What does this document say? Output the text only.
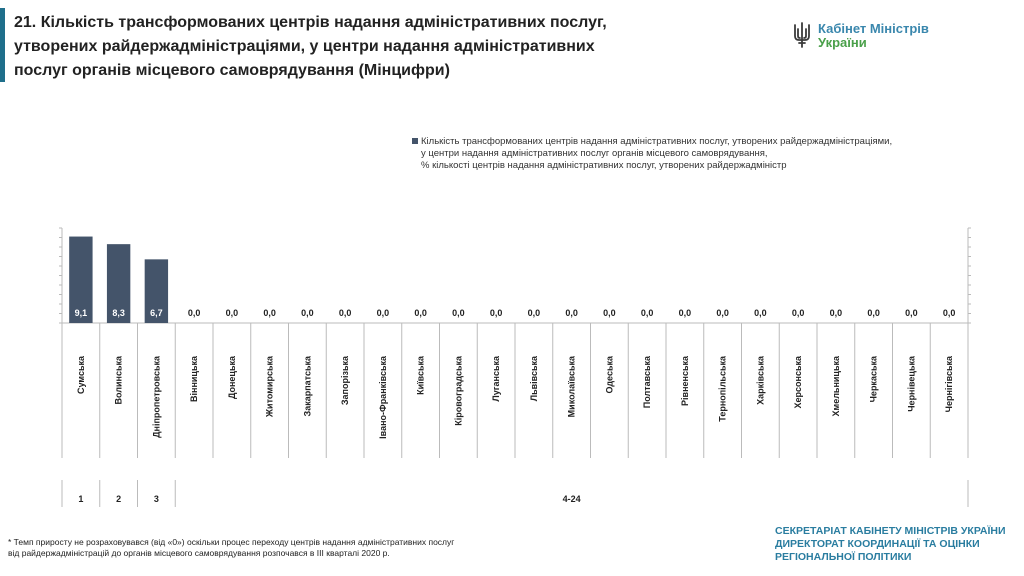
21. Кількість трансформованих центрів надання адміністративних послуг,
утворених райдержадміністраціями, у центри надання адміністративних
послуг органів місцевого самоврядування (Мінцифри)
Кабінет Міністрів
України
Кількість трансформованих центрів надання адміністративних послуг, утворених райдержадміністраціями,
у центри надання адміністративних послуг органів місцевого самоврядування,
% кількості центрів надання адміністративних послуг, утворених райдержадміністр
9,1
Сумська
8,3
Волинська
6,7
Дніпропетровська
0,0
Вінницька
0,0
Донецька
0,0
Житомирська
0,0
Закарпатська
0,0
Запорізька
0,0
Івано-Франківська
0,0
Київська
0,0
Кіровоградська
0,0
Луганська
0,0
Львівська
0,0
Миколаївська
0,0
Одеська
0,0
Полтавська
0,0
Рівненська
0,0
Тернопільська
0,0
Харківська
0,0
Херсонська
0,0
Хмельницька
0,0
Черкаська
0,0
Чернівецька
0,0
Чернігівська
1	2	3	4-24
* Темп приросту не розраховувався (від «0») оскільки процес переходу центрів надання адміністративних послуг
від райдержадміністрацій до органів місцевого самоврядування розпочався в ІІІ кварталі 2020 р.
СЕКРЕТАРІАТ КАБІНЕТУ МІНІСТРІВ УКРАЇНИ
ДИРЕКТОРАТ КООРДИНАЦІЇ ТА ОЦІНКИ
РЕГІОНАЛЬНОЇ ПОЛІТИКИ
